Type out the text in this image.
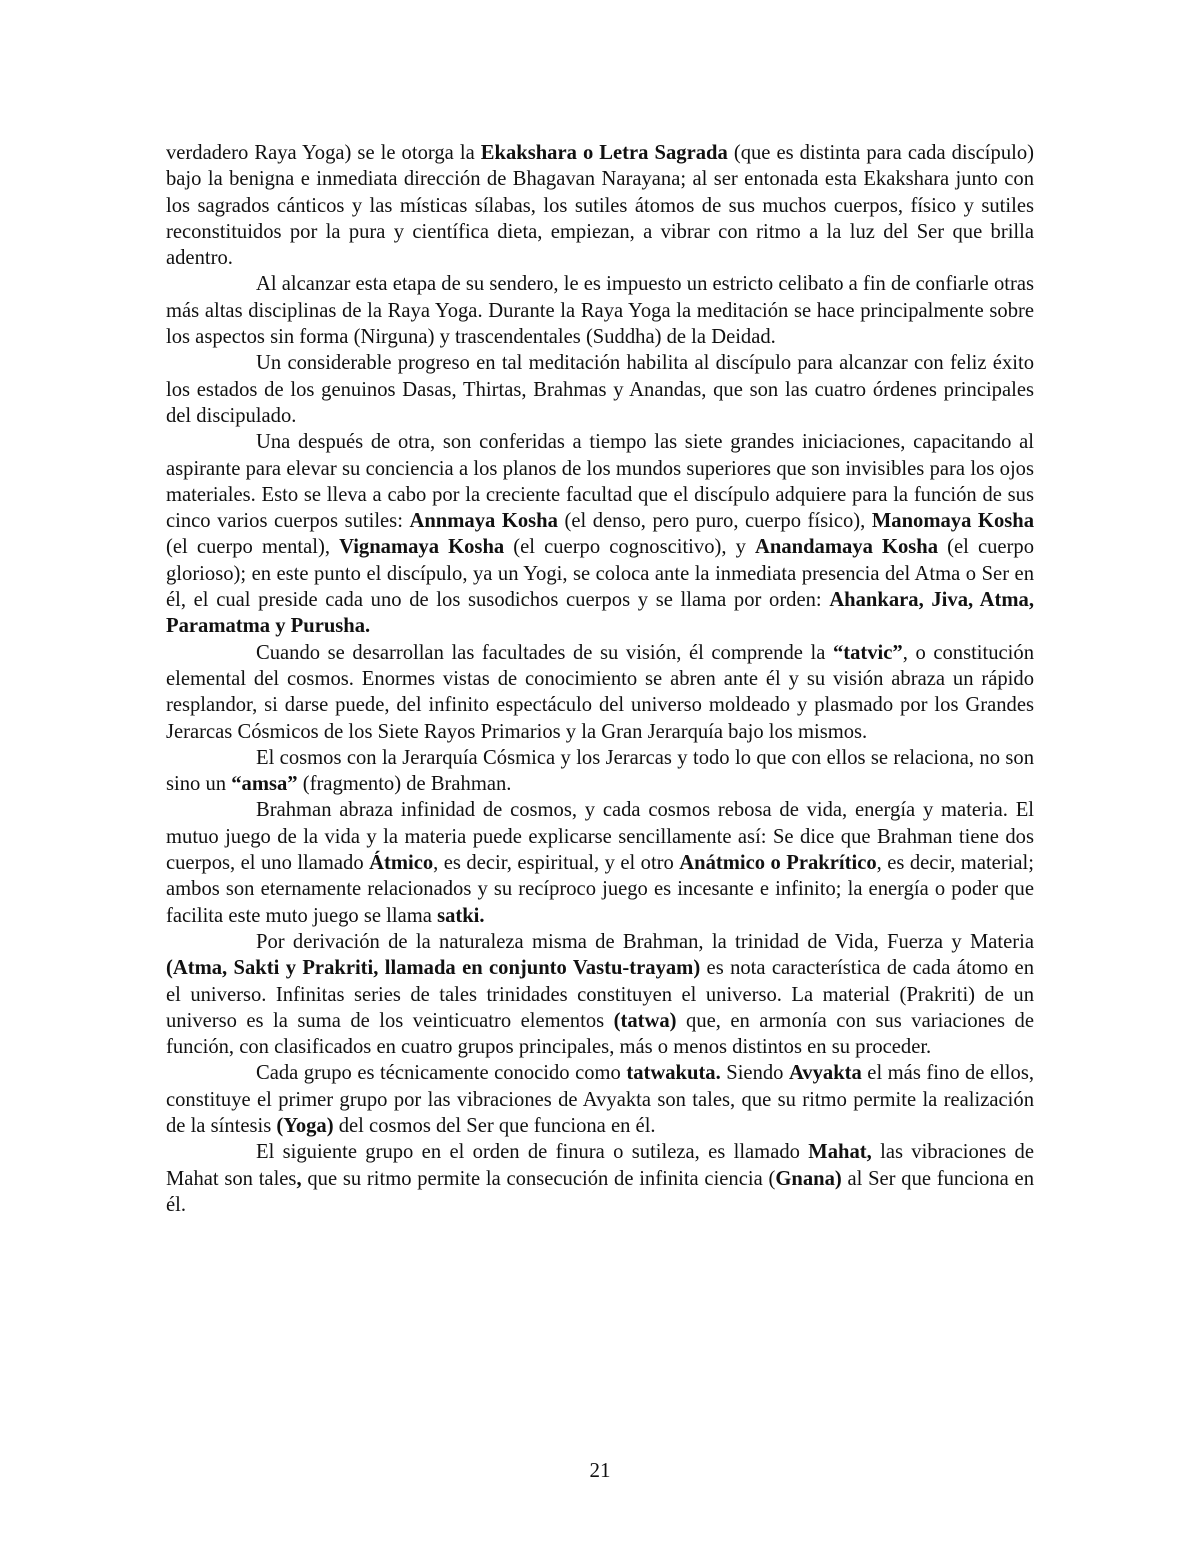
verdadero Raya Yoga) se le otorga la Ekakshara o Letra Sagrada (que es distinta para cada discípulo) bajo la benigna e inmediata dirección de Bhagavan Narayana; al ser entonada esta Ekakshara junto con los sagrados cánticos y las místicas sílabas, los sutiles átomos de sus muchos cuerpos, físico y sutiles reconstituidos por la pura y científica dieta, empiezan, a vibrar con ritmo a la luz del Ser que brilla adentro.

Al alcanzar esta etapa de su sendero, le es impuesto un estricto celibato a fin de confiarle otras más altas disciplinas de la Raya Yoga. Durante la Raya Yoga la meditación se hace principalmente sobre los aspectos sin forma (Nirguna) y trascendentales (Suddha) de la Deidad.

Un considerable progreso en tal meditación habilita al discípulo para alcanzar con feliz éxito los estados de los genuinos Dasas, Thirtas, Brahmas y Anandas, que son las cuatro órdenes principales del discipulado.

Una después de otra, son conferidas a tiempo las siete grandes iniciaciones, capacitando al aspirante para elevar su conciencia a los planos de los mundos superiores que son invisibles para los ojos materiales. Esto se lleva a cabo por la creciente facultad que el discípulo adquiere para la función de sus cinco varios cuerpos sutiles: Annmaya Kosha (el denso, pero puro, cuerpo físico), Manomaya Kosha (el cuerpo mental), Vignamaya Kosha (el cuerpo cognoscitivo), y Anandamaya Kosha (el cuerpo glorioso); en este punto el discípulo, ya un Yogi, se coloca ante la inmediata presencia del Atma o Ser en él, el cual preside cada uno de los susodichos cuerpos y se llama por orden: Ahankara, Jiva, Atma, Paramatma y Purusha.

Cuando se desarrollan las facultades de su visión, él comprende la “tatvic”, o constitución elemental del cosmos. Enormes vistas de conocimiento se abren ante él y su visión abraza un rápido resplandor, si darse puede, del infinito espectáculo del universo moldeado y plasmado por los Grandes Jerarcas Cósmicos de los Siete Rayos Primarios y la Gran Jerarquía bajo los mismos.

El cosmos con la Jerarquía Cósmica y los Jerarcas y todo lo que con ellos se relaciona, no son sino un “amsa” (fragmento) de Brahman.

Brahman abraza infinidad de cosmos, y cada cosmos rebosa de vida, energía y materia. El mutuo juego de la vida y la materia puede explicarse sencillamente así: Se dice que Brahman tiene dos cuerpos, el uno llamado Átmico, es decir, espiritual, y el otro Anátmico o Prakrítico, es decir, material; ambos son eternamente relacionados y su recíproco juego es incesante e infinito; la energía o poder que facilita este muto juego se llama satki.

Por derivación de la naturaleza misma de Brahman, la trinidad de Vida, Fuerza y Materia (Atma, Sakti y Prakriti, llamada en conjunto Vastu-trayam) es nota característica de cada átomo en el universo. Infinitas series de tales trinidades constituyen el universo. La material (Prakriti) de un universo es la suma de los veinticuatro elementos (tatwa) que, en armonía con sus variaciones de función, con clasificados en cuatro grupos principales, más o menos distintos en su proceder.

Cada grupo es técnicamente conocido como tatwakuta. Siendo Avyakta el más fino de ellos, constituye el primer grupo por las vibraciones de Avyakta son tales, que su ritmo permite la realización de la síntesis (Yoga) del cosmos del Ser que funciona en él.

El siguiente grupo en el orden de finura o sutileza, es llamado Mahat, las vibraciones de Mahat son tales, que su ritmo permite la consecución de infinita ciencia (Gnana) al Ser que funciona en él.

21
